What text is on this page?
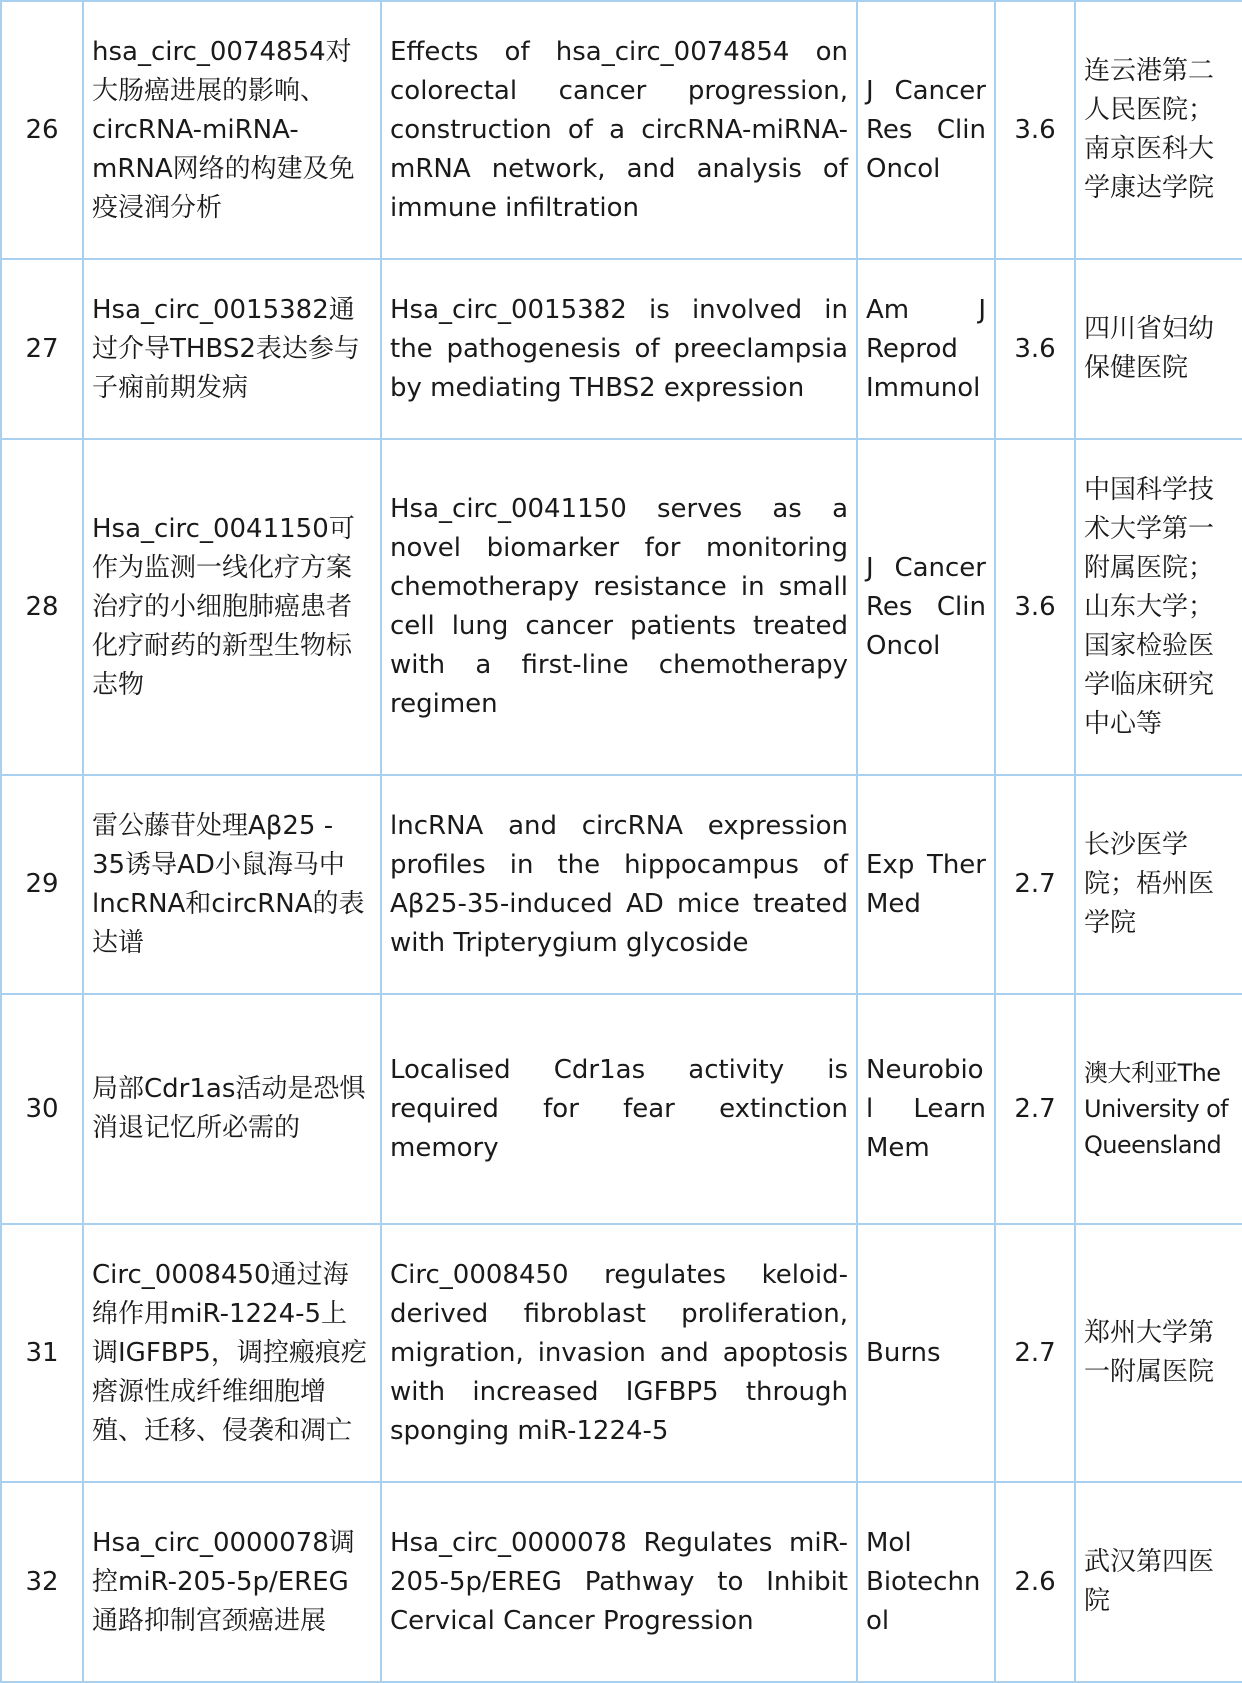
26	hsa_circ_0074854对大肠癌进展的影响、circRNA-miRNA-mRNA网络的构建及免疫浸润分析	Effects of hsa_circ_0074854 on colorectal cancer progression, construction of a circRNA-miRNA-mRNA network, and analysis of immune infiltration	J Cancer Res Clin Oncol	3.6	连云港第二人民医院；南京医科大学康达学院
27	Hsa_circ_0015382通过介导THBS2表达参与子痫前期发病	Hsa_circ_0015382 is involved in the pathogenesis of preeclampsia by mediating THBS2 expression	Am J Reprod Immunol	3.6	四川省妇幼保健医院
28	Hsa_circ_0041150可作为监测一线化疗方案治疗的小细胞肺癌患者化疗耐药的新型生物标志物	Hsa_circ_0041150 serves as a novel biomarker for monitoring chemotherapy resistance in small cell lung cancer patients treated with a first-line chemotherapy regimen	J Cancer Res Clin Oncol	3.6	中国科学技术大学第一附属医院；山东大学；国家检验医学临床研究中心等
29	雷公藤苷处理Aβ25 - 35诱导AD小鼠海马中lncRNA和circRNA的表达谱	lncRNA and circRNA expression profiles in the hippocampus of Aβ25-35-induced AD mice treated with Tripterygium glycoside	Exp Ther Med	2.7	长沙医学院；梧州医学院
30	局部Cdr1as活动是恐惧消退记忆所必需的	Localised Cdr1as activity is required for fear extinction memory	Neurobiol Learn Mem	2.7	澳大利亚The University of Queensland
31	Circ_0008450通过海绵作用miR-1224-5上调IGFBP5，调控瘢痕疙瘩源性成纤维细胞增殖、迁移、侵袭和凋亡	Circ_0008450 regulates keloid-derived fibroblast proliferation, migration, invasion and apoptosis with increased IGFBP5 through sponging miR-1224-5	Burns	2.7	郑州大学第一附属医院
32	Hsa_circ_0000078调控miR-205-5p/EREG通路抑制宫颈癌进展	Hsa_circ_0000078 Regulates miR-205-5p/EREG Pathway to Inhibit Cervical Cancer Progression	Mol Biotechnol	2.6	武汉第四医院
